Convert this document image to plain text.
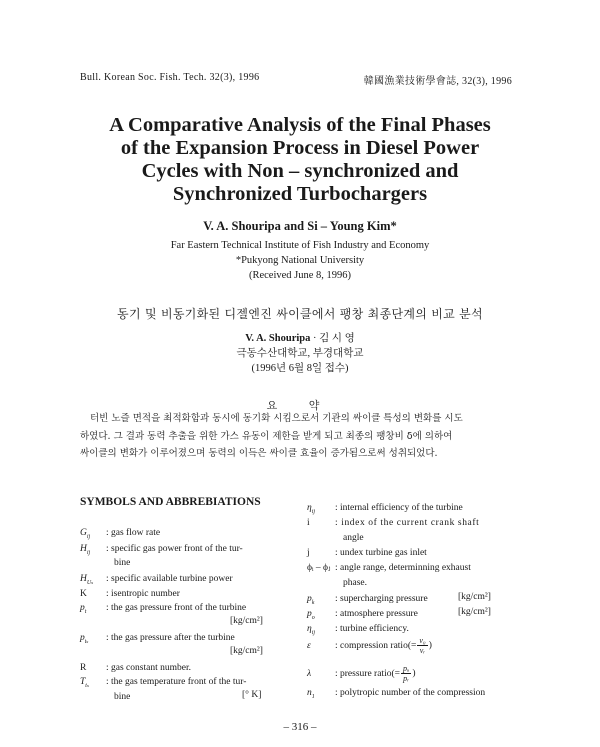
Bull. Korean Soc. Fish. Tech. 32(3), 1996	韓國漁業技術學會誌, 32(3), 1996
A Comparative Analysis of the Final Phases
of the Expansion Process in Diesel Power
Cycles with Non – synchronized and
Synchronized Turbochargers
V. A. Shouripa and Si – Young Kim*
Far Eastern Technical Institute of Fish Industry and Economy
*Pukyong National University
(Received June 8, 1996)
동기 및 비동기화된 디젤엔진 싸이클에서 팽창 최종단계의 비교 분석
V. A. Shouripa · 김 시 영
극동수산대학교, 부경대학교
(1996년 6월 8일 접수)
요 약
터빈 노즐 면적을 최적화함과 동시에 동기화 시킴으로서 기관의 싸이클 특성의 변화를 시도
하였다. 그 결과 동력 추출을 위한 가스 유동이 제한을 받게 되고 최종의 팽창비 δ에 의하여
싸이클의 변화가 이루어졌으며 동력의 이득은 싸이클 효율이 증가됨으로써 성취되었다.
SYMBOLS AND ABBREBIATIONS
$G_{ij}$ : gas flow rate
$H_{ij}$ : specific gas power front of the tur-
bine
$H_{U_s}$ : specific available turbine power
K : isentropic number
$p_t$ : the gas pressure front of the turbine
[kg/cm²]
$p_{t_s}$ : the gas pressure after the turbine
[kg/cm²]
R : gas constant number.
$T_{t_s}$ : the gas temperature front of the tur-
bine	[° K]
$\eta_{ij}$ : internal efficiency of the turbine
i	: index of the current crank shaft
angle
j	: undex turbine gas inlet
ϕᵢ – ϕⱼ : angle range, determinning exhaust
phase.
$p_k$ : supercharging pressure	[kg/cm²]
$p_o$ : atmosphere pressure	[kg/cm²]
$\eta_{ij}$ : turbine efficiency.
ε	: compression ratio(= $\frac{\text{v₀}}{\text{vᵣ}}$ )
λ	: pressure ratio(= $\frac{\text{pᵤ}}{\text{pᵣ}}$ )
$n_1$ : polytropic number of the compression
– 316 –
